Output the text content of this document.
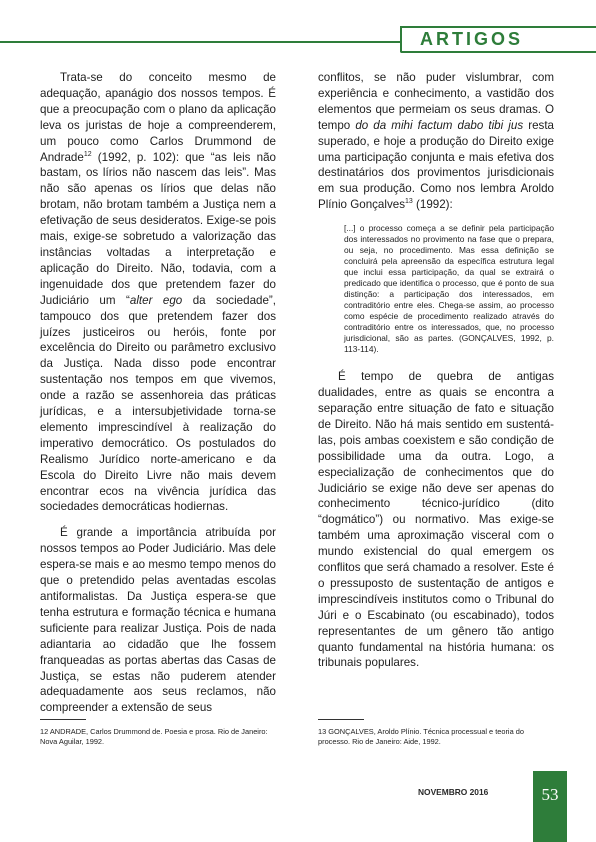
ARTIGOS

Trata-se do conceito mesmo de adequação, apanágio dos nossos tempos. É que a preocupação com o plano da aplicação leva os juristas de hoje a compreenderem, um pouco como Carlos Drummond de Andrade$^{12}$ (1992, p. 102): que “as leis não bastam, os lírios não nascem das leis”. Mas não são apenas os lírios que delas não brotam, não brotam também a Justiça nem a efetivação de seus desideratos. Exige-se pois mais, exige-se sobretudo a valorização das instâncias voltadas a interpretação e aplicação do Direito. Não, todavia, com a ingenuidade dos que pretendem fazer do Judiciário um “alter ego da sociedade”, tampouco dos que pretendem fazer dos juízes justiceiros ou heróis, fonte por excelência do Direito ou parâmetro exclusivo da Justiça. Nada disso pode encontrar sustentação nos tempos em que vivemos, onde a razão se assenhoreia das práticas jurídicas, e a intersubjetividade torna-se elemento imprescindível à realização do imperativo democrático. Os postulados do Realismo Jurídico norte-americano e da Escola do Direito Livre não mais devem encontrar ecos na vivência jurídica das sociedades democráticas hodiernas.

É grande a importância atribuída por nossos tempos ao Poder Judiciário. Mas dele espera-se mais e ao mesmo tempo menos do que o pretendido pelas aventadas escolas antiformalistas. Da Justiça espera-se que tenha estrutura e formação técnica e humana suficiente para realizar Justiça. Pois de nada adiantaria ao cidadão que lhe fossem franqueadas as portas abertas das Casas de Justiça, se estas não puderem atender adequadamente aos seus reclamos, não compreender a extensão de seus

conflitos, se não puder vislumbrar, com experiência e conhecimento, a vastidão dos elementos que permeiam os seus dramas. O tempo do da mihi factum dabo tibi jus resta superado, e hoje a produção do Direito exige uma participação conjunta e mais efetiva dos destinatários dos provimentos jurisdicionais em sua produção. Como nos lembra Aroldo Plínio Gonçalves$^{13}$ (1992):

[...] o processo começa a se definir pela participação dos interessados no provimento na fase que o prepara, ou seja, no procedimento. Mas essa definição se concluirá pela apreensão da específica estrutura legal que inclui essa participação, da qual se extrairá o predicado que identifica o processo, que é ponto de sua distinção: a participação dos interessados, em contraditório entre eles. Chega-se assim, ao processo como espécie de procedimento realizado através do contraditório entre os interessados, que, no processo jurisdicional, são as partes. (GONÇALVES, 1992, p. 113-114).

É tempo de quebra de antigas dualidades, entre as quais se encontra a separação entre situação de fato e situação de Direito. Não há mais sentido em sustentá-las, pois ambas coexistem e são condição de possibilidade uma da outra. Logo, a especialização de conhecimentos que do Judiciário se exige não deve ser apenas do conhecimento técnico-jurídico (dito “dogmático”) ou normativo. Mas exige-se também uma aproximação visceral com o mundo existencial do qual emergem os conflitos que será chamado a resolver. Este é o pressuposto de sustentação de antigos e imprescindíveis institutos como o Tribunal do Júri e o Escabinato (ou escabinado), todos representantes de um gênero tão antigo quanto fundamental na história humana: os tribunais populares.

12 ANDRADE, Carlos Drummond de. Poesia e prosa. Rio de Janeiro: Nova Aguilar, 1992.
13 GONÇALVES, Aroldo Plínio. Técnica processual e teoria do processo. Rio de Janeiro: Aide, 1992.
NOVEMBRO 2016	53
